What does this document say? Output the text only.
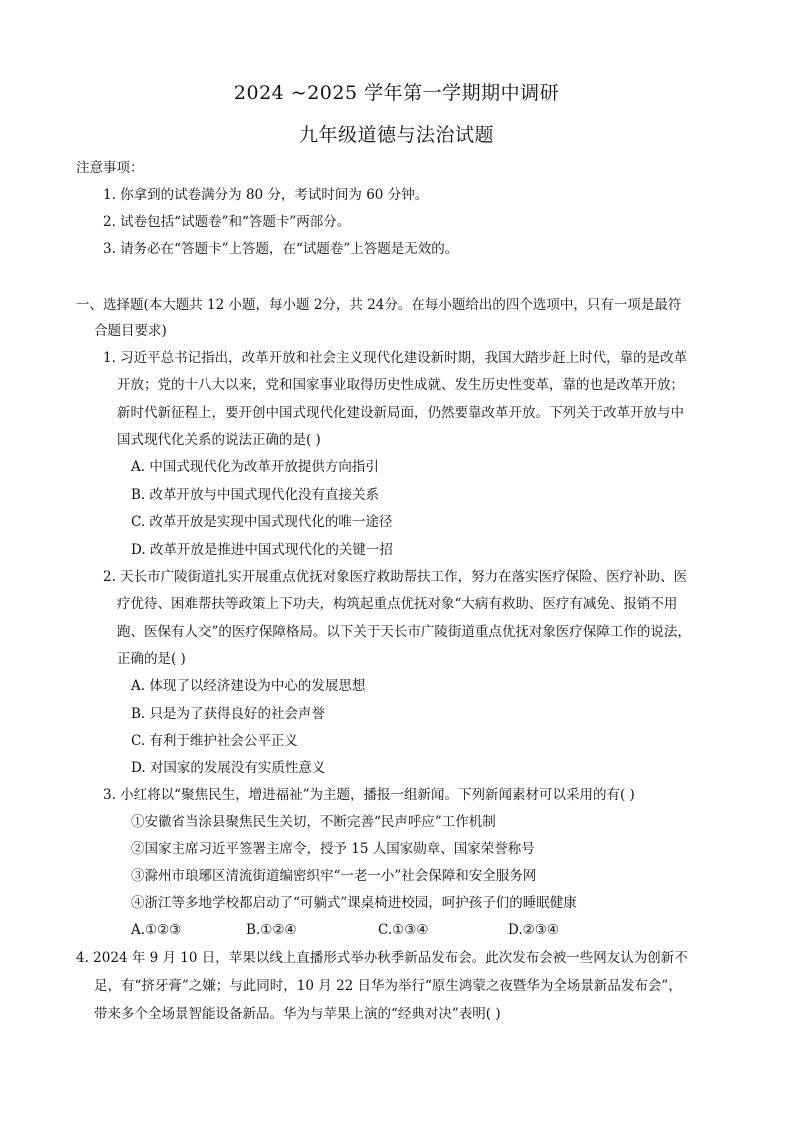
2024 ~2025 学年第一学期期中调研
九年级道德与法治试题
注意事项：
1. 你拿到的试卷满分为 80 分，考试时间为 60 分钟。
2. 试卷包括“试题卷”和“答题卡”两部分。
3. 请务必在“答题卡”上答题，在“试题卷”上答题是无效的。
一、选择题(本大题共 12 小题，每小题 2分，共 24分。在每小题给出的四个选项中，只有一项是最符
合题目要求)
1. 习近平总书记指出，改革开放和社会主义现代化建设新时期，我国大踏步赶上时代，靠的是改革
开放；党的十八大以来，党和国家事业取得历史性成就、发生历史性变革，靠的也是改革开放；
新时代新征程上，要开创中国式现代化建设新局面，仍然要靠改革开放。下列关于改革开放与中
国式现代化关系的说法正确的是( )
A. 中国式现代化为改革开放提供方向指引
B. 改革开放与中国式现代化没有直接关系
C. 改革开放是实现中国式现代化的唯一途径
D. 改革开放是推进中国式现代化的关键一招
2. 天长市广陵街道扎实开展重点优抚对象医疗救助帮扶工作，努力在落实医疗保险、医疗补助、医
疗优待、困难帮扶等政策上下功夫，构筑起重点优抚对象“大病有救助、医疗有减免、报销不用
跑、医保有人交”的医疗保障格局。以下关于天长市广陵街道重点优抚对象医疗保障工作的说法，
正确的是( )
A. 体现了以经济建设为中心的发展思想
B. 只是为了获得良好的社会声誉
C. 有利于维护社会公平正义
D. 对国家的发展没有实质性意义
3. 小红将以“聚焦民生，增进福祉”为主题，播报一组新闻。下列新闻素材可以采用的有( )
①安徽省当涂县聚焦民生关切，不断完善“民声呼应”工作机制
②国家主席习近平签署主席令，授予 15 人国家勋章、国家荣誉称号
③滁州市琅琊区清流街道编密织牢“一老一小”社会保障和安全服务网
④浙江等多地学校都启动了“可躺式”课桌椅进校园，呵护孩子们的睡眠健康
A.①②③	B.①②④	C.①③④	D.②③④
4. 2024 年 9 月 10 日，苹果以线上直播形式举办秋季新品发布会。此次发布会被一些网友认为创新不
足，有“挤牙膏”之嫌；与此同时，10 月 22 日华为举行“原生鸿蒙之夜暨华为全场景新品发布会”，
带来多个全场景智能设备新品。华为与苹果上演的“经典对决”表明( )
